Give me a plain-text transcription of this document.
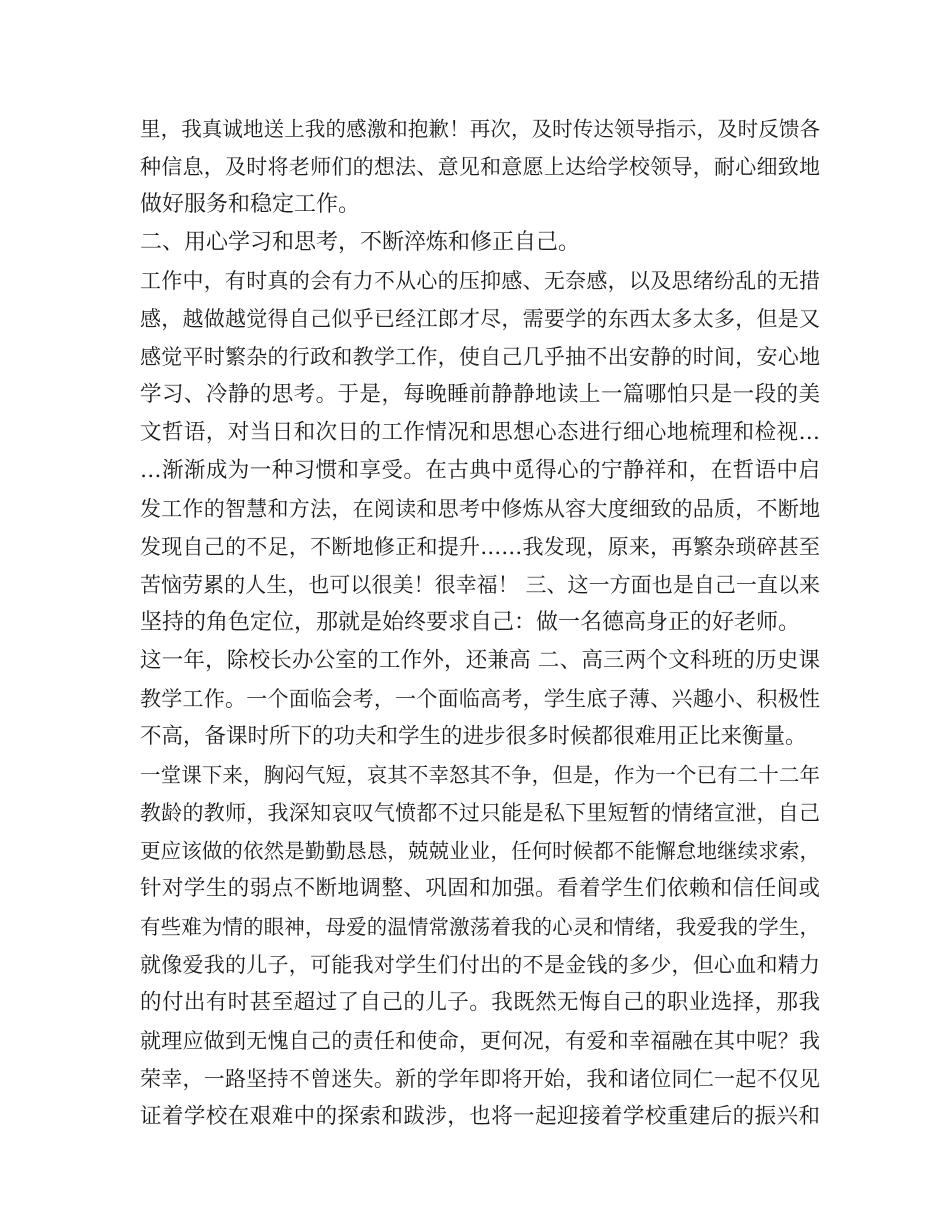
里，我真诚地送上我的感激和抱歉！再次，及时传达领导指示，及时反馈各
种信息，及时将老师们的想法、意见和意愿上达给学校领导，耐心细致地
做好服务和稳定工作。
二、用心学习和思考，不断淬炼和修正自己。
工作中，有时真的会有力不从心的压抑感、无奈感，以及思绪纷乱的无措
感，越做越觉得自己似乎已经江郎才尽，需要学的东西太多太多，但是又
感觉平时繁杂的行政和教学工作，使自己几乎抽不出安静的时间，安心地
学习、冷静的思考。于是，每晚睡前静静地读上一篇哪怕只是一段的美
文哲语，对当日和次日的工作情况和思想心态进行细心地梳理和检视…
…渐渐成为一种习惯和享受。在古典中觅得心的宁静祥和，在哲语中启
发工作的智慧和方法，在阅读和思考中修炼从容大度细致的品质，不断地
发现自己的不足，不断地修正和提升……我发现，原来，再繁杂琐碎甚至
苦恼劳累的人生，也可以很美！很幸福！ 三、这一方面也是自己一直以来
坚持的角色定位，那就是始终要求自己：做一名德高身正的好老师。
这一年，除校长办公室的工作外，还兼高 二、高三两个文科班的历史课
教学工作。一个面临会考，一个面临高考，学生底子薄、兴趣小、积极性
不高，备课时所下的功夫和学生的进步很多时候都很难用正比来衡量。
一堂课下来，胸闷气短，哀其不幸怒其不争，但是，作为一个已有二十二年
教龄的教师，我深知哀叹气愤都不过只能是私下里短暂的情绪宣泄，自己
更应该做的依然是勤勤恳恳，兢兢业业，任何时候都不能懈怠地继续求索，
针对学生的弱点不断地调整、巩固和加强。看着学生们依赖和信任间或
有些难为情的眼神，母爱的温情常激荡着我的心灵和情绪，我爱我的学生，
就像爱我的儿子，可能我对学生们付出的不是金钱的多少，但心血和精力
的付出有时甚至超过了自己的儿子。我既然无悔自己的职业选择，那我
就理应做到无愧自己的责任和使命，更何况，有爱和幸福融在其中呢？我
荣幸，一路坚持不曾迷失。新的学年即将开始，我和诸位同仁一起不仅见
证着学校在艰难中的探索和跋涉，也将一起迎接着学校重建后的振兴和
